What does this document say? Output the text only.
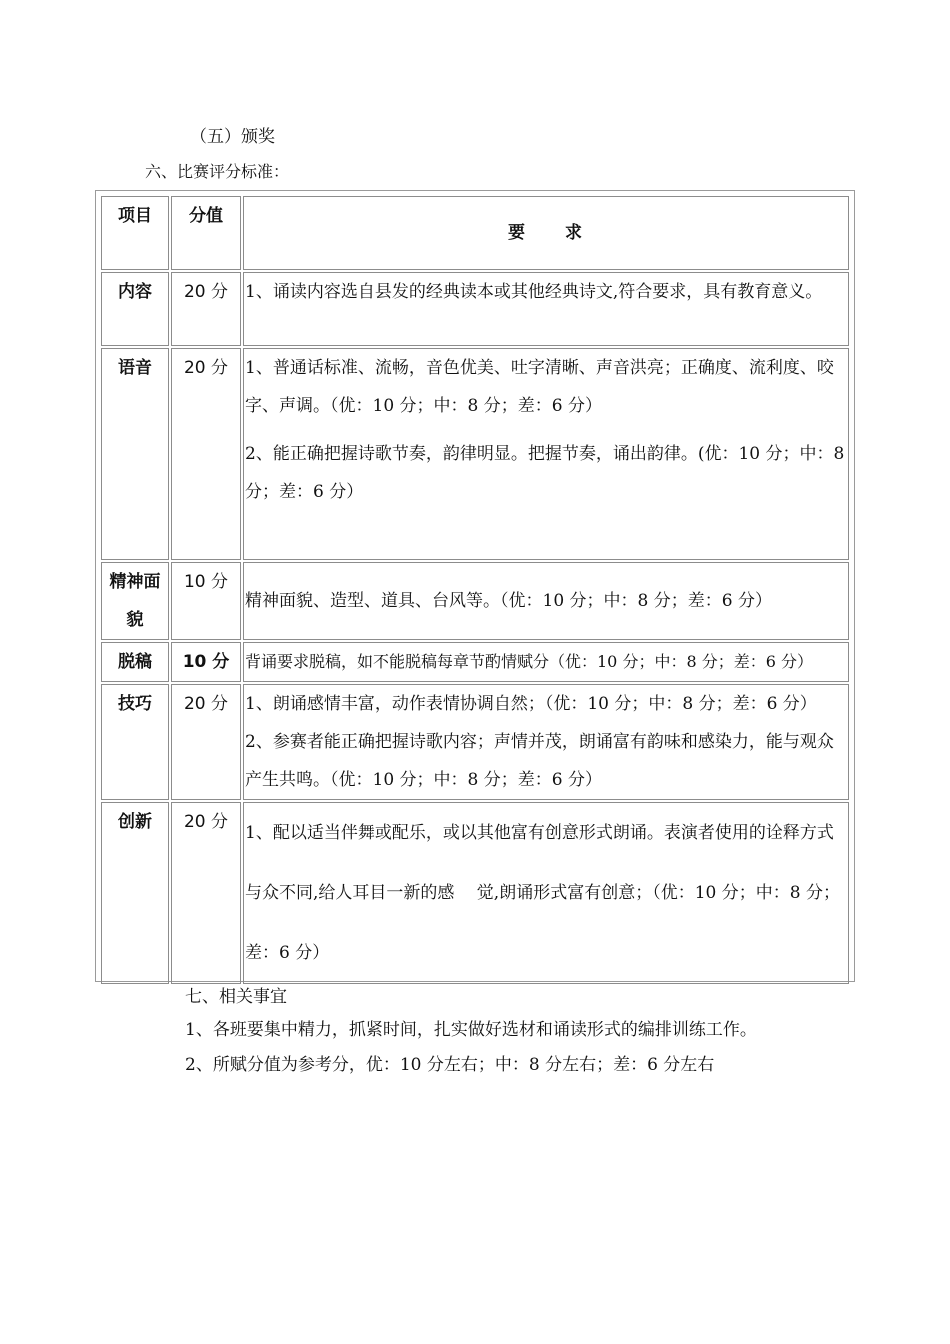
（五）颁奖
六、比赛评分标准：
项目	分值	要　　求
内容	20 分	1、诵读内容选自县发的经典读本或其他经典诗文,符合要求，具有教育意义。

语音	20 分	1、普通话标准、流畅，音色优美、吐字清晰、声音洪亮；正确度、流利度、咬字、声调。（优：10 分；中：8 分；差：6 分）

2、能正确把握诗歌节奏，韵律明显。把握节奏，诵出韵律。(优：10 分；中：8 分；差：6 分）

精神面貌	10 分	精神面貌、造型、道具、台风等。（优：10 分；中：8 分；差：6 分）

脱稿	10 分	背诵要求脱稿，如不能脱稿每章节酌情赋分（优：10 分；中：8 分；差：6 分）

技巧	20 分	1、朗诵感情丰富，动作表情协调自然；（优：10 分；中：8 分；差：6 分）

2、参赛者能正确把握诗歌内容；声情并茂，朗诵富有韵味和感染力，能与观众产生共鸣。（优：10 分；中：8 分；差：6 分）

创新	20 分	1、配以适当伴舞或配乐，或以其他富有创意形式朗诵。表演者使用的诠释方式与众不同,给人耳目一新的感　 觉,朗诵形式富有创意；（优：10 分；中：8 分；差：6 分）

七、相关事宜
1、各班要集中精力，抓紧时间，扎实做好选材和诵读形式的编排训练工作。
2、所赋分值为参考分，优：10 分左右；中：8 分左右；差：6 分左右
